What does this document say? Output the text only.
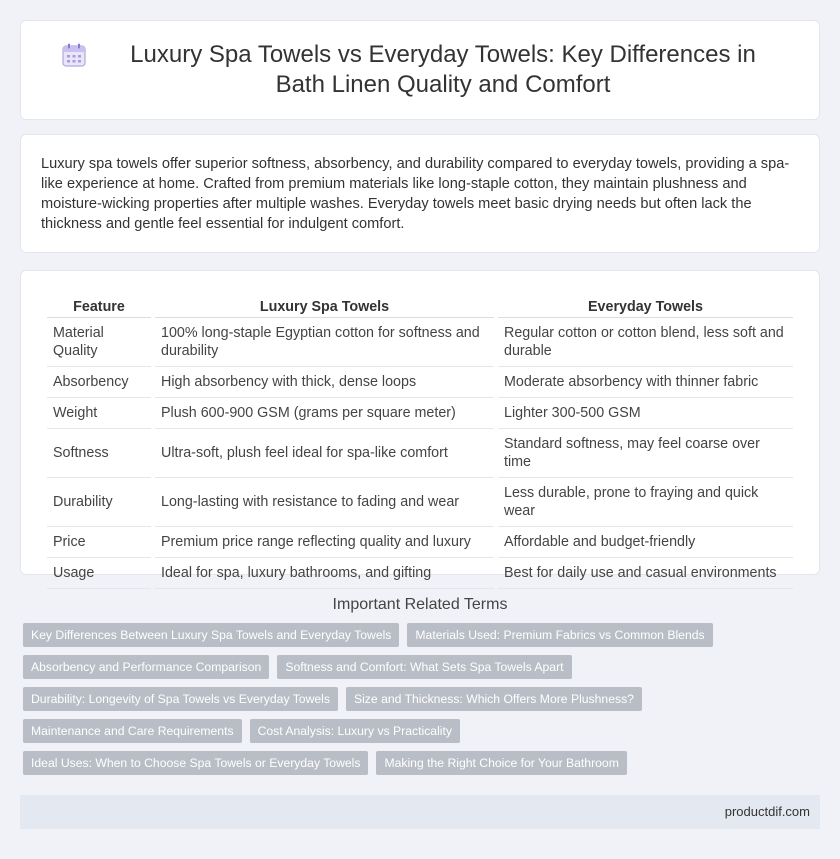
Luxury Spa Towels vs Everyday Towels: Key Differences in Bath Linen Quality and Comfort

Luxury spa towels offer superior softness, absorbency, and durability compared to everyday towels, providing a spa-like experience at home. Crafted from premium materials like long-staple cotton, they maintain plushness and moisture-wicking properties after multiple washes. Everyday towels meet basic drying needs but often lack the thickness and gentle feel essential for indulgent comfort.

Feature	Luxury Spa Towels	Everyday Towels
Material Quality	100% long-staple Egyptian cotton for softness and durability	Regular cotton or cotton blend, less soft and durable
Absorbency	High absorbency with thick, dense loops	Moderate absorbency with thinner fabric
Weight	Plush 600-900 GSM (grams per square meter)	Lighter 300-500 GSM
Softness	Ultra-soft, plush feel ideal for spa-like comfort	Standard softness, may feel coarse over time
Durability	Long-lasting with resistance to fading and wear	Less durable, prone to fraying and quick wear
Price	Premium price range reflecting quality and luxury	Affordable and budget-friendly
Usage	Ideal for spa, luxury bathrooms, and gifting	Best for daily use and casual environments
Important Related Terms
Key Differences Between Luxury Spa Towels and Everyday Towels	Materials Used: Premium Fabrics vs Common Blends
Absorbency and Performance Comparison	Softness and Comfort: What Sets Spa Towels Apart
Durability: Longevity of Spa Towels vs Everyday Towels	Size and Thickness: Which Offers More Plushness?
Maintenance and Care Requirements	Cost Analysis: Luxury vs Practicality
Ideal Uses: When to Choose Spa Towels or Everyday Towels	Making the Right Choice for Your Bathroom
productdif.com
